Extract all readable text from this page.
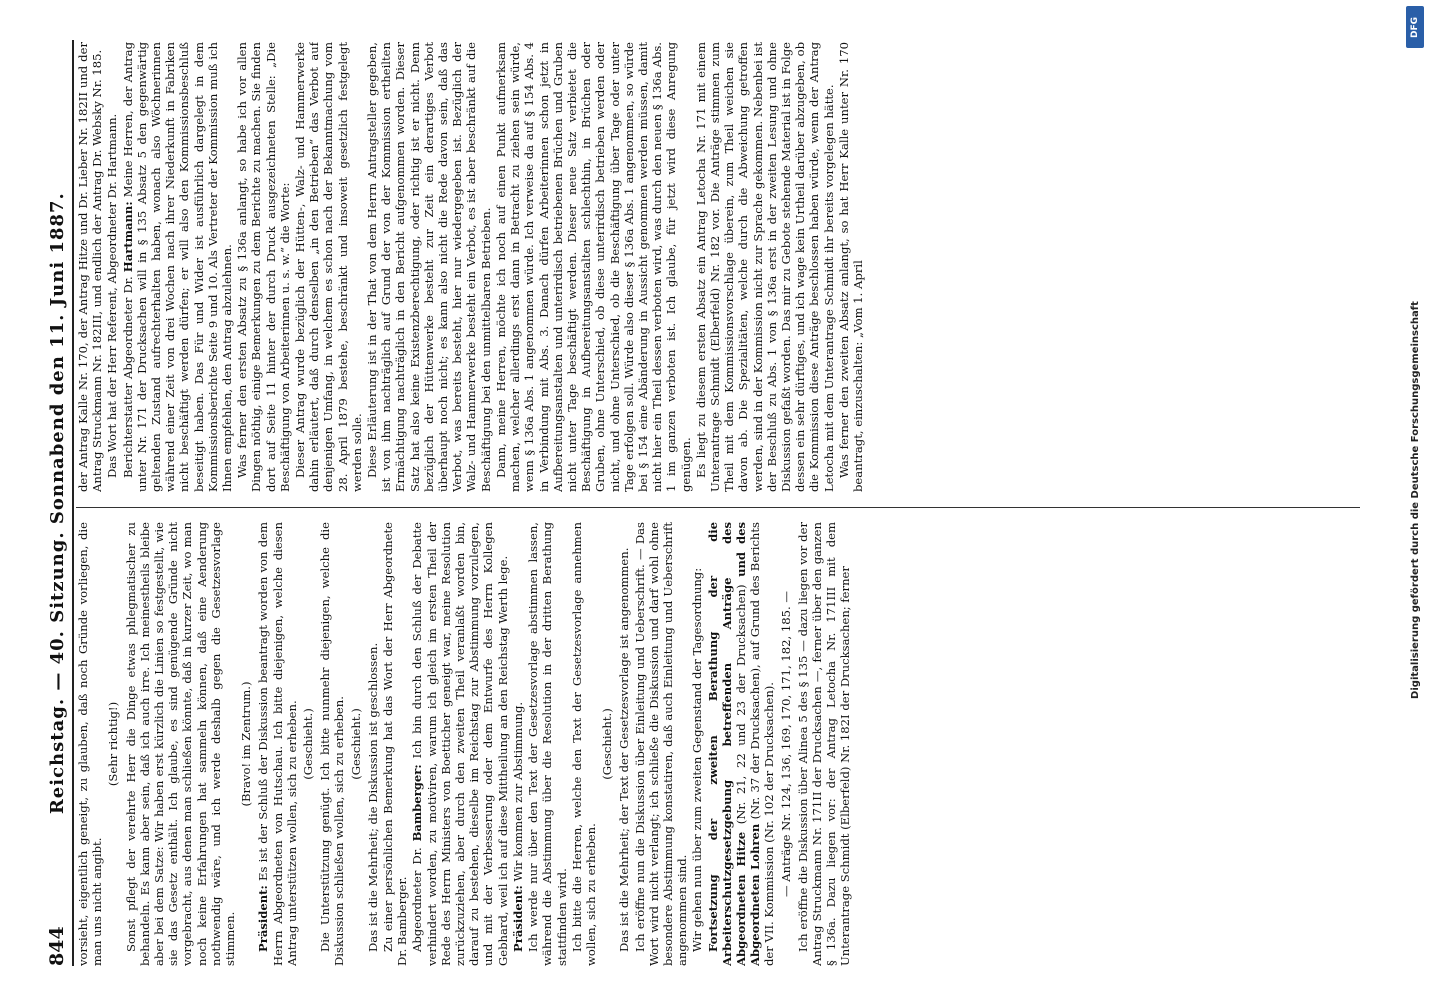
844
Reichstag. — 40. Sitzung. Sonnabend den 11. Juni 1887. vorsieht, eigentlich geneigt, zu glauben, daß noch Gründe vorliegen, die man uns nicht angibt.

(Sehr richtig!) Sonst pflegt der verehrte Herr die Dinge etwas phlegmatischer zu behandeln. Es kann aber sein, daß ich auch irre. Ich meinestheils bleibe aber bei dem Satze: Wir haben erst kürzlich die Linien so festgestellt, wie sie das Gesetz enthält. Ich glaube, es sind genügende Gründe nicht vorgebracht, aus denen man schließen könnte, daß in kurzer Zeit, wo man noch keine Erfahrungen hat sammeln können, daß eine Aenderung nothwendig wäre, und ich werde deshalb gegen die Gesetzesvorlage stimmen.

(Bravo! im Zentrum.)

Präsident: Es ist der Schluß der Diskussion beantragt worden von dem Herrn Abgeordneten von Hutschau. Ich bitte diejenigen, welche diesen Antrag unterstützen wollen, sich zu erheben. (Geschieht.) Die Unterstützung genügt. Ich bitte nunmehr diejenigen, welche die Diskussion schließen wollen, sich zu erheben. (Geschieht.) Das ist die Mehrheit; die Diskussion ist geschlossen. Zu einer persönlichen Bemerkung hat das Wort der Herr Abgeordnete Dr. Bamberger. Abgeordneter Dr. Bamberger: Ich bin durch den Schluß der Debatte verhindert worden, zu motiviren, warum ich gleich im ersten Theil der Rede des Herrn Ministers von Boetticher geneigt war, meine Resolution zurückzuziehen, aber durch den zweiten Theil veranlaßt worden bin, darauf zu bestehen, dieselbe im Reichstag zur Abstimmung vorzulegen, und mit der Verbesserung oder dem Entwurfe des Herrn Kollegen Gebhard, weil ich auf diese Mittheilung an den Reichstag Werth lege. Präsident: Wir kommen zur Abstimmung. Ich werde nur über den Text der Gesetzesvorlage abstimmen lassen, während die Abstimmung über die Resolution in der dritten Berathung stattfinden wird. Ich bitte die Herren, welche den Text der Gesetzesvorlage annehmen wollen, sich zu erheben.

(Geschieht.) Das ist die Mehrheit; der Text der Gesetzesvorlage ist angenommen. Ich eröffne nun die Diskussion über Einleitung und Ueberschrift. — Das Wort wird nicht verlangt; ich schließe die Diskussion und darf wohl ohne besondere Abstimmung konstatiren, daß auch Einleitung und Ueberschrift angenommen sind. Wir gehen nun über zum zweiten Gegenstand der Tagesordnung: Fortsetzung der zweiten Berathung der die Arbeiterschutzgesetzgebung betreffenden Anträge des Abgeordneten Hitze (Nr. 21, 22 und 23 der Drucksachen) und des Abgeordneten Lohren (Nr. 37 der Drucksachen), auf Grund des Berichts der VII. Kommission (Nr. 102 der Drucksachen). — Anträge Nr. 124, 136, 169, 170, 171, 182, 185. — Ich eröffne die Diskussion über Alinea 5 des § 135 — dazu liegen vor der Antrag Struckmann Nr. 171II der Drucksachen —, ferner über den ganzen § 136a. Dazu liegen vor: der Antrag Letocha Nr. 171III mit dem Unterantrage Schmidt (Elberfeld) Nr. 182I der Drucksachen; ferner

der Antrag Kalle Nr. 170, der Antrag Hitze und Dr. Lieber Nr. 182II und der Antrag Struckmann Nr. 182III, und endlich der Antrag Dr. Websky Nr. 185. Das Wort hat der Herr Referent, Abgeordneter Dr. Hartmann. Berichterstatter Abgeordneter Dr. Hartmann: Meine Herren, der Antrag unter Nr. 171 der Drucksachen will in § 135 Absatz 5 den gegenwärtig geltenden Zustand aufrechterhalten haben, wonach also Wöchnerinnen während einer Zeit von drei Wochen nach ihrer Niederkunft in Fabriken nicht beschäftigt werden dürfen; er will also den Kommissionsbeschluß beseitigt haben. Das Für und Wider ist ausführlich dargelegt in dem Kommissionsberichte Seite 9 und 10. Als Vertreter der Kommission muß ich Ihnen empfehlen, den Antrag abzulehnen. Was ferner den ersten Absatz zu § 136a anlangt, so habe ich vor allen Dingen nöthig, einige Bemerkungen zu dem Berichte zu machen. Sie finden dort auf Seite 11 hinter der durch Druck ausgezeichneten Stelle: „Die Beschäftigung von Arbeiterinnen u. s. w.“ die Worte: Dieser Antrag wurde bezüglich der Hütten-, Walz- und Hammerwerke dahin erläutert, daß durch denselben „in den Betrieben“ das Verbot auf denjenigen Umfang, in welchem es schon nach der Bekanntmachung vom 28. April 1879 bestehe, beschränkt und insoweit gesetzlich festgelegt werden solle. Diese Erläuterung ist in der That von dem Herrn Antragsteller gegeben, ist von ihm nachträglich auf Grund der von der Kommission ertheilten Ermächtigung nachträglich in den Bericht aufgenommen worden. Dieser Satz hat also keine Existenzberechtigung, oder richtig ist er nicht. Denn bezüglich der Hüttenwerke besteht zur Zeit ein derartiges Verbot überhaupt noch nicht; es kann also nicht die Rede davon sein, daß das Verbot, was bereits besteht, hier nur wiedergegeben ist. Bezüglich der Walz- und Hammerwerke besteht ein Verbot, es ist aber beschränkt auf die Beschäftigung bei den unmittelbaren Betrieben. Dann, meine Herren, möchte ich noch auf einen Punkt aufmerksam machen, welcher allerdings erst dann in Betracht zu ziehen sein würde, wenn § 136a Abs. 1 angenommen würde. Ich verweise da auf § 154 Abs. 4 in Verbindung mit Abs. 3. Danach dürfen Arbeiterinnen schon jetzt in Aufbereitungsanstalten und unterirdisch betriebenen Brüchen und Gruben nicht unter Tage beschäftigt werden. Dieser neue Satz verbietet die Beschäftigung in Aufbereitungsanstalten schlechthin, in Brüchen oder Gruben, ohne Unterschied, ob diese unterirdisch betrieben werden oder nicht, und ohne Unterschied, ob die Beschäftigung über Tage oder unter Tage erfolgen soll. Würde also dieser § 136a Abs. 1 angenommen, so würde bei § 154 eine Abänderung in Aussicht genommen werden müssen, damit nicht hier ein Theil dessen verboten wird, was durch den neuen § 136a Abs. 1 im ganzen verboten ist. Ich glaube, für jetzt wird diese Anregung genügen. Es liegt zu diesem ersten Absatz ein Antrag Letocha Nr. 171 mit einem Unterantrage Schmidt (Elberfeld) Nr. 182 vor. Die Anträge stimmen zum Theil mit dem Kommissionsvorschlage überein, zum Theil weichen sie davon ab. Die Spezialitäten, welche durch die Abweichung getroffen werden, sind in der Kommission nicht zur Sprache gekommen. Nebenbei ist der Beschluß zu Abs. 1 von § 136a erst in der zweiten Lesung und ohne Diskussion gefaßt worden. Das mir zu Gebote stehende Material ist in Folge dessen ein sehr dürftiges, und ich wage kein Urtheil darüber abzugeben, ob die Kommission diese Anträge beschlossen haben würde, wenn der Antrag Letocha mit dem Unterantrage Schmidt ihr bereits vorgelegen hätte. Was ferner den zweiten Absatz anlangt, so hat Herr Kalle unter Nr. 170 beantragt, einzuschalten: „Vom 1. April	Digitalisierung gefördert durch die Deutsche Forschungsgemeinschaft
DFG
